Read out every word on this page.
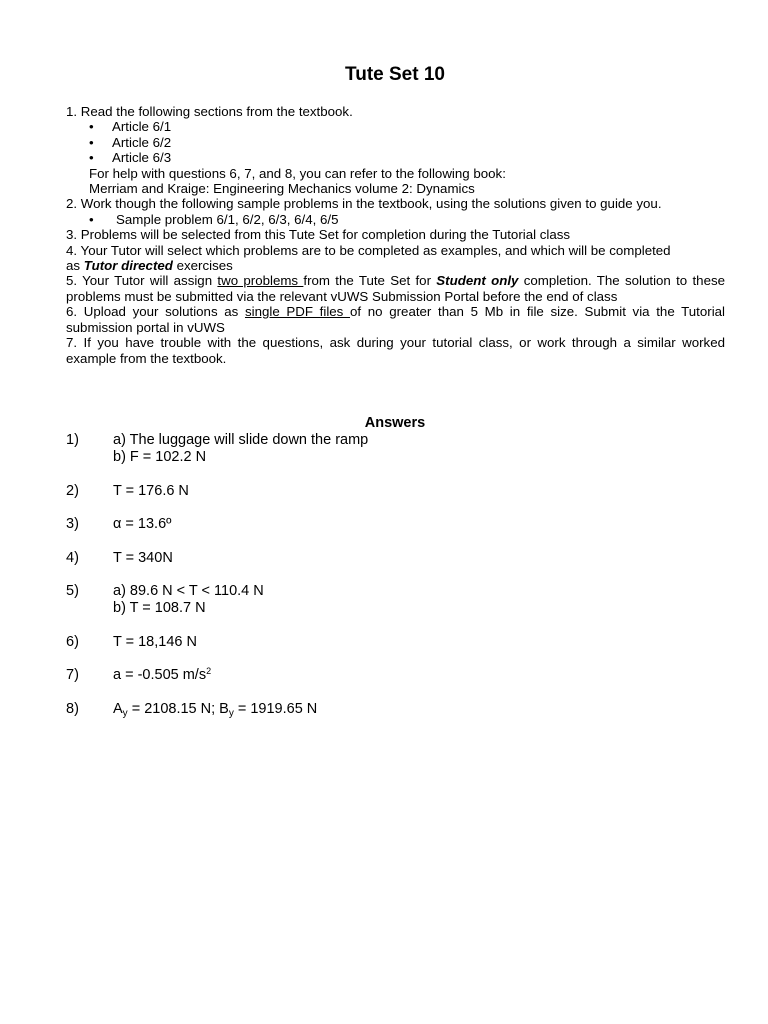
Tute Set 10
1. Read the following sections from the textbook.
• Article 6/1
• Article 6/2
• Article 6/3
For help with questions 6, 7, and 8, you can refer to the following book:
Merriam and Kraige: Engineering Mechanics volume 2: Dynamics
2. Work though the following sample problems in the textbook, using the solutions given to guide you.
• Sample problem 6/1, 6/2, 6/3, 6/4, 6/5
3. Problems will be selected from this Tute Set for completion during the Tutorial class
4. Your Tutor will select which problems are to be completed as examples, and which will be completed
as Tutor directed exercises
5. Your Tutor will assign two problems from the Tute Set for Student only completion. The solution to these problems must be submitted via the relevant vUWS Submission Portal before the end of class
6. Upload your solutions as single PDF files of no greater than 5 Mb in file size. Submit via the Tutorial submission portal in vUWS
7. If you have trouble with the questions, ask during your tutorial class, or work through a similar worked example from the textbook.
Answers
1) a) The luggage will slide down the ramp
b) F = 102.2 N
2) T = 176.6 N
3) α = 13.6º
4) T = 340N
5) a) 89.6 N < T < 110.4 N
b) T = 108.7 N
6) T = 18,146 N
7) a = -0.505 $m/s^2$
8) $A_y = 2108.15$ N; $B_y = 1919.65$ N
